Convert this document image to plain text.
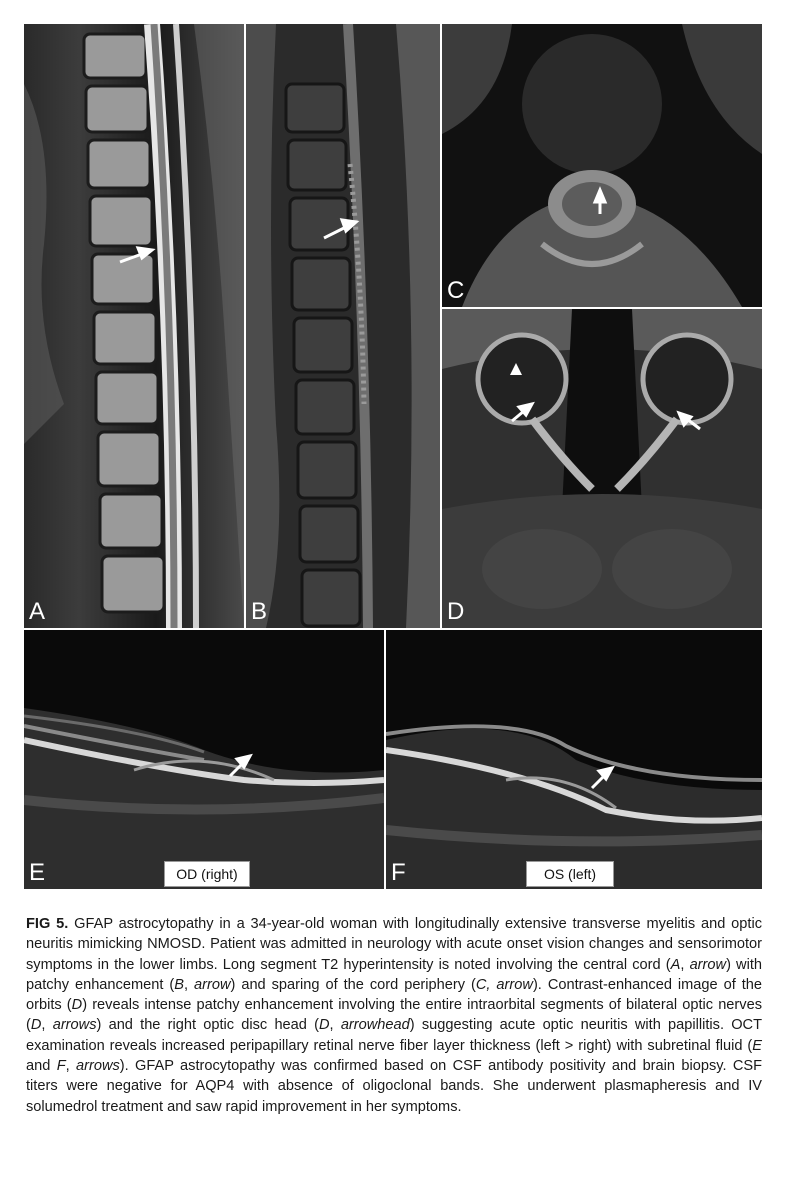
A	B
C
D
E	OD (right)	F	OS (left)

FIG 5. GFAP astrocytopathy in a 34-year-old woman with longitudinally extensive transverse myelitis and optic neuritis mimicking NMOSD. Patient was admitted in neurology with acute onset vision changes and sensorimotor symptoms in the lower limbs. Long segment T2 hyperintensity is noted involving the central cord (A, arrow) with patchy enhancement (B, arrow) and sparing of the cord periphery (C, arrow). Contrast-enhanced image of the orbits (D) reveals intense patchy enhancement involving the entire intraorbital segments of bilateral optic nerves (D, arrows) and the right optic disc head (D, arrowhead) suggesting acute optic neuritis with papillitis. OCT examination reveals increased peripapillary retinal nerve fiber layer thickness (left > right) with subretinal fluid (E and F, arrows). GFAP astrocytopathy was confirmed based on CSF antibody positivity and brain biopsy. CSF titers were negative for AQP4 with absence of oligoclonal bands. She underwent plasmapheresis and IV solumedrol treatment and saw rapid improvement in her symptoms.
